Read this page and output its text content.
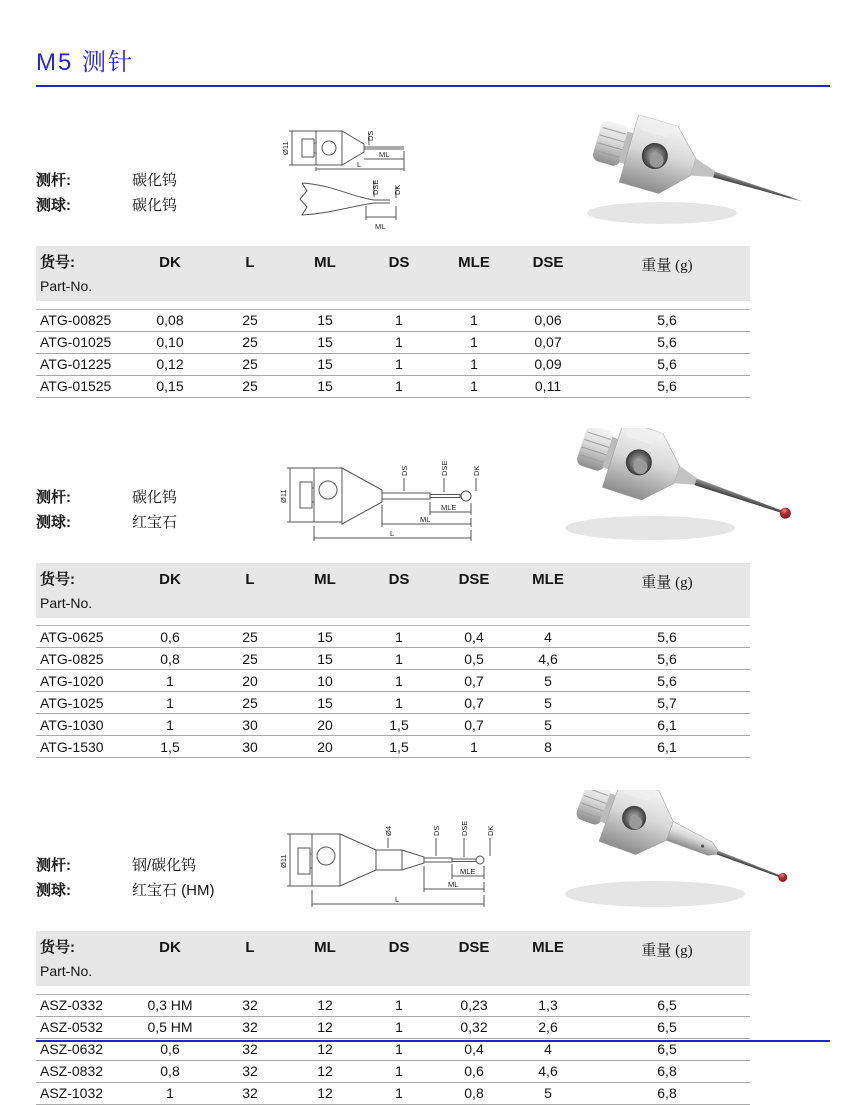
M5 测针
测杆:	碳化钨
测球:	碳化钨
Ø11
DS
ML
L
DSE DK
ML
货号:
Part-No.	DK	L	ML	DS	MLE	DSE	重量 (g)

ATG-00825	0,08	25	15	1	1	0,06	5,6
ATG-01025	0,10	25	15	1	1	0,07	5,6
ATG-01225	0,12	25	15	1	1	0,09	5,6
ATG-01525	0,15	25	15	1	1	0,11	5,6
测杆:	碳化钨
测球:	红宝石
Ø11
DS	DSE	DK
MLE
ML
L
货号:
Part-No.	DK	L	ML	DS	DSE	MLE	重量 (g)

ATG-0625	0,6	25	15	1	0,4	4	5,6
ATG-0825	0,8	25	15	1	0,5	4,6	5,6
ATG-1020	1	20	10	1	0,7	5	5,6
ATG-1025	1	25	15	1	0,7	5	5,7
ATG-1030	1	30	20	1,5	0,7	5	6,1
ATG-1530	1,5	30	20	1,5	1	8	6,1
测杆:	钢/碳化钨
测球:	红宝石 (HM)
Ø11
Ø4	DS	DSE DK
MLE
ML
L
货号:
Part-No.	DK	L	ML	DS	DSE	MLE	重量 (g)

ASZ-0332	0,3 HM	32	12	1	0,23	1,3	6,5
ASZ-0532	0,5 HM	32	12	1	0,32	2,6	6,5
ASZ-0632	0,6	32	12	1	0,4	4	6,5
ASZ-0832	0,8	32	12	1	0,6	4,6	6,8
ASZ-1032	1	32	12	1	0,8	5	6,8
